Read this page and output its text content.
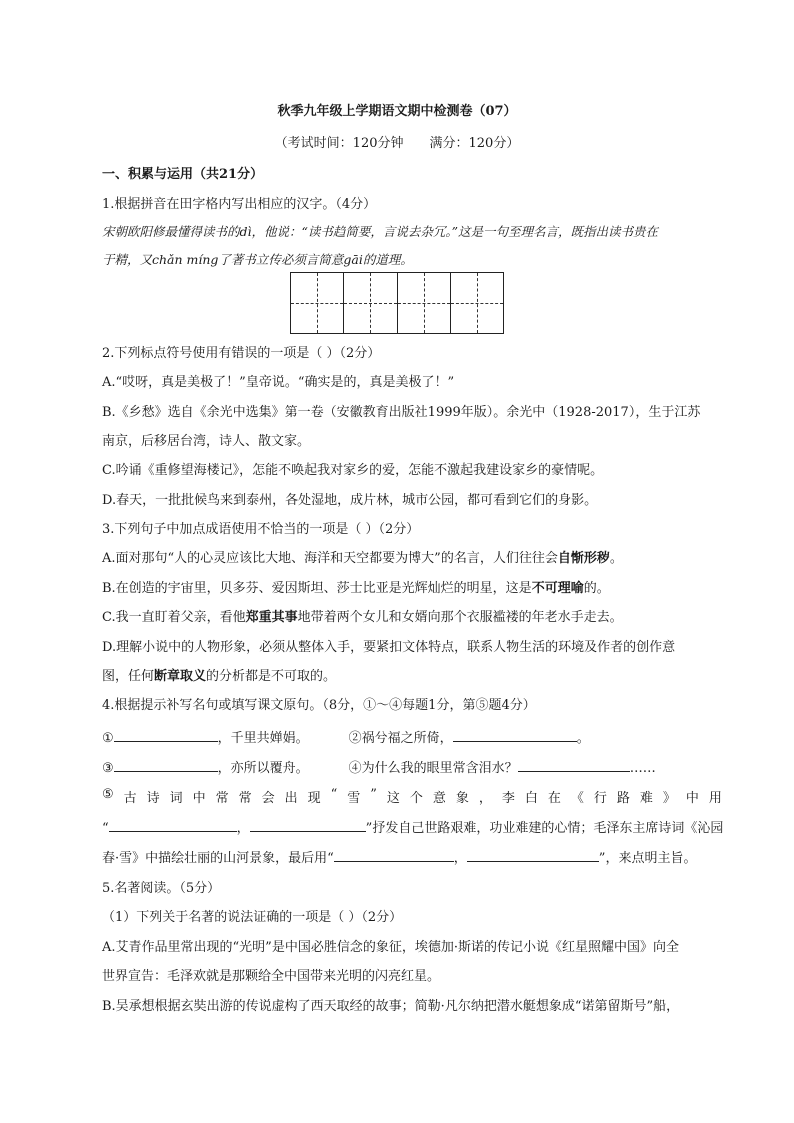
秋季九年级上学期语文期中检测卷（07）
（考试时间：120分钟 满分：120分）
一、积累与运用（共21分）
1.根据拼音在田字格内写出相应的汉字。（4分）
宋朝欧阳修最懂得读书的dì，他说：“读书趋简要，言说去杂冗。”这是一句至理名言，既指出读书贵在
于精，又chǎn míng了著书立传必须言简意gāi的道理。
2.下列标点符号使用有错误的一项是（ ）（2分）
A.“哎呀，真是美极了！”皇帝说。“确实是的，真是美极了！”
B.《乡愁》选自《余光中选集》第一卷（安徽教育出版社1999年版）。余光中（1928-2017），生于江苏
南京，后移居台湾，诗人、散文家。
C.吟诵《重修望海楼记》，怎能不唤起我对家乡的爱，怎能不激起我建设家乡的豪情呢。
D.春天，一批批候鸟来到泰州，各处湿地，成片林，城市公园，都可看到它们的身影。
3.下列句子中加点成语使用不恰当的一项是（ ）（2分）
A.面对那句“人的心灵应该比大地、海洋和天空都要为博大”的名言，人们往往会自惭形秽。
B.在创造的宇宙里，贝多芬、爱因斯坦、莎士比亚是光辉灿烂的明星，这是不可理喻的。
C.我一直盯着父亲，看他郑重其事地带着两个女儿和女婿向那个衣服褴褛的年老水手走去。
D.理解小说中的人物形象，必须从整体入手，要紧扣文体特点，联系人物生活的环境及作者的创作意
图，任何断章取义的分析都是不可取的。
4.根据提示补写名句或填写课文原句。（8分，①～④每题1分，第⑤题4分）
①	，千里共婵娟。	②祸兮福之所倚，	。
③	，亦所以覆舟。	④为什么我的眼里常含泪水？	……
⑤ 古 诗 词 中 常 常 会 出 现 “ 雪 ” 这 个 意 象 ， 李 白 在 《 行 路 难 》 中 用
“	，	”抒发自己世路艰难，功业难建的心情；毛泽东主席诗词《沁园
春·雪》中描绘壮丽的山河景象，最后用“	，	”，来点明主旨。
5.名著阅读。（5分）
（1）下列关于名著的说法证确的一项是（ ）（2分）
A.艾青作品里常出现的“光明”是中国必胜信念的象征，埃德加·斯诺的传记小说《红星照耀中国》向全
世界宣告：毛泽欢就是那颗给全中国带来光明的闪亮红星。
B.吴承想根据玄奘出游的传说虚构了西天取经的故事；简勒·凡尔纳把潜水艇想象成“诺第留斯号”船，
